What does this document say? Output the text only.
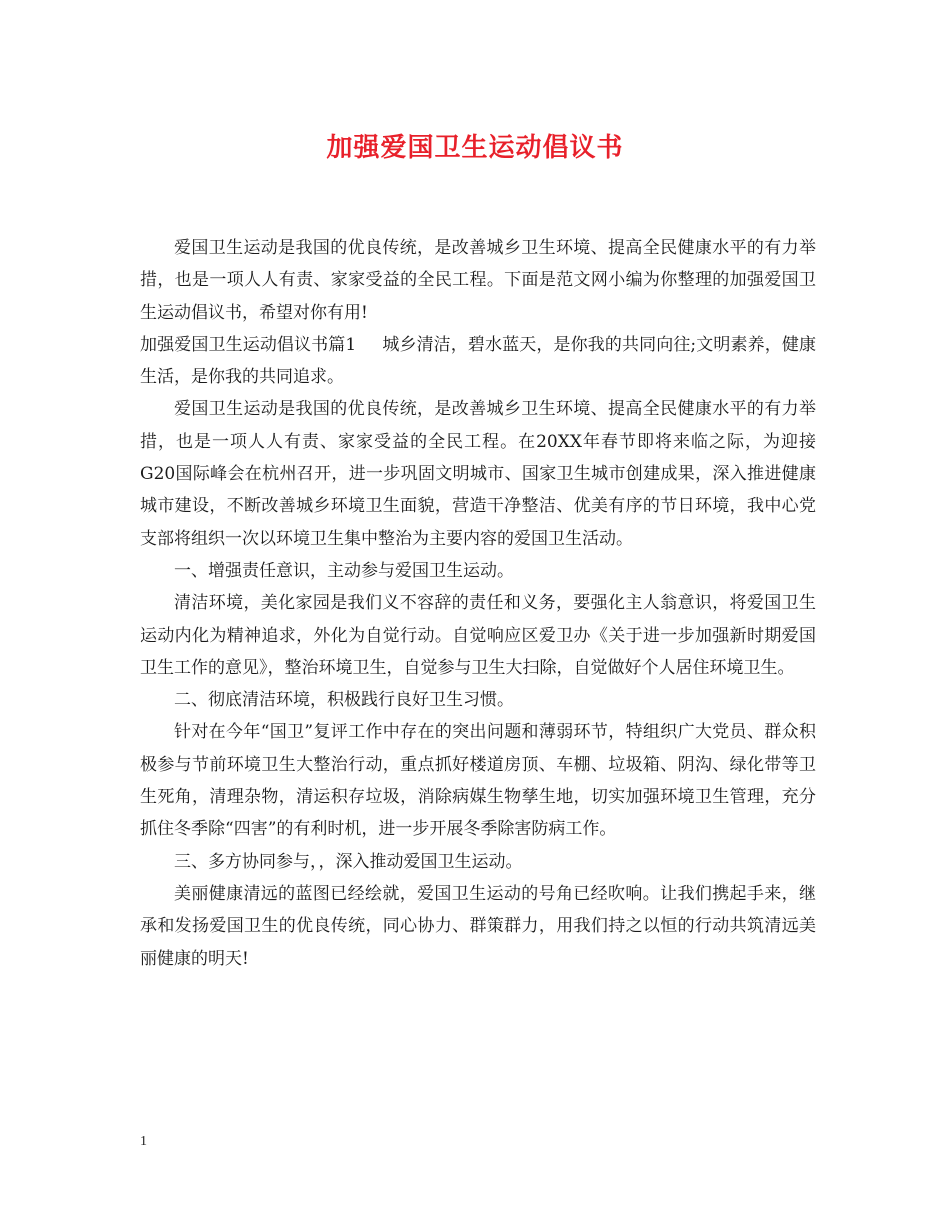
加强爱国卫生运动倡议书

爱国卫生运动是我国的优良传统，是改善城乡卫生环境、提高全民健康水平的有力举措，也是一项人人有责、家家受益的全民工程。下面是范文网小编为你整理的加强爱国卫生运动倡议书，希望对你有用!

加强爱国卫生运动倡议书篇1 城乡清洁，碧水蓝天，是你我的共同向往;文明素养，健康生活，是你我的共同追求。

爱国卫生运动是我国的优良传统，是改善城乡卫生环境、提高全民健康水平的有力举措，也是一项人人有责、家家受益的全民工程。在20XX年春节即将来临之际，为迎接G20国际峰会在杭州召开，进一步巩固文明城市、国家卫生城市创建成果，深入推进健康城市建设，不断改善城乡环境卫生面貌，营造干净整洁、优美有序的节日环境，我中心党支部将组织一次以环境卫生集中整治为主要内容的爱国卫生活动。

一、增强责任意识，主动参与爱国卫生运动。

清洁环境，美化家园是我们义不容辞的责任和义务，要强化主人翁意识，将爱国卫生运动内化为精神追求，外化为自觉行动。自觉响应区爱卫办《关于进一步加强新时期爱国卫生工作的意见》，整治环境卫生，自觉参与卫生大扫除，自觉做好个人居住环境卫生。

二、彻底清洁环境，积极践行良好卫生习惯。

针对在今年“国卫”复评工作中存在的突出问题和薄弱环节，特组织广大党员、群众积极参与节前环境卫生大整治行动，重点抓好楼道房顶、车棚、垃圾箱、阴沟、绿化带等卫生死角，清理杂物，清运积存垃圾，消除病媒生物孳生地，切实加强环境卫生管理，充分抓住冬季除“四害”的有利时机，进一步开展冬季除害防病工作。

三、多方协同参与，，深入推动爱国卫生运动。

美丽健康清远的蓝图已经绘就，爱国卫生运动的号角已经吹响。让我们携起手来，继承和发扬爱国卫生的优良传统，同心协力、群策群力，用我们持之以恒的行动共筑清远美丽健康的明天!

1
